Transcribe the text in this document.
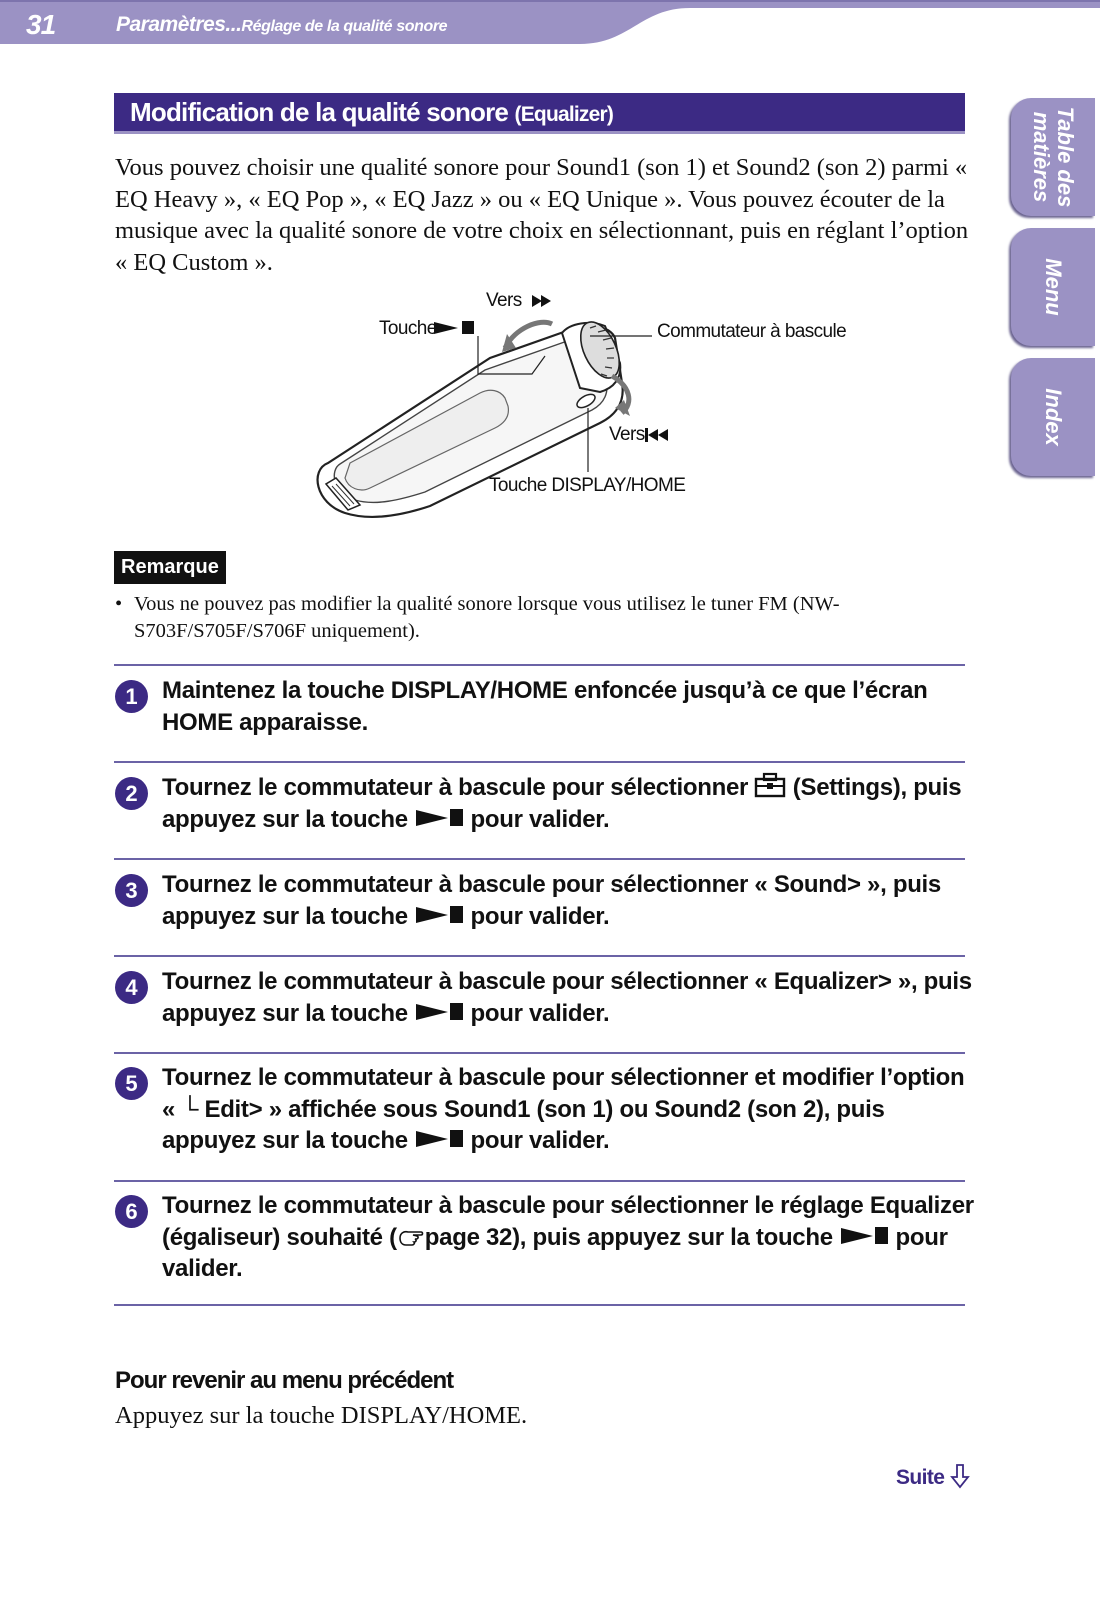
31	Paramètres...Réglage de la qualité sonore
Table des
matières
Menu
Index
Modification de la qualité sonore (Equalizer)
Vous pouvez choisir une qualité sonore pour Sound1 (son 1) et Sound2 (son 2) parmi « EQ Heavy », « EQ Pop », « EQ Jazz » ou « EQ Unique ». Vous pouvez écouter de la musique avec la qualité sonore de votre choix en sélectionnant, puis en réglant l’option « EQ Custom ».
Vers
Touche	Commutateur à bascule
Vers
Touche DISPLAY/HOME
Remarque
• Vous ne pouvez pas modifier la qualité sonore lorsque vous utilisez le tuner FM (NW-S703F/S705F/S706F uniquement).
1	Maintenez la touche DISPLAY/HOME enfoncée jusqu’à ce que l’écran HOME apparaisse.
2	Tournez le commutateur à bascule pour sélectionner (Settings), puis appuyez sur la touche	pour valider.
3	Tournez le commutateur à bascule pour sélectionner « Sound> », puis appuyez sur la touche	pour valider.
4	Tournez le commutateur à bascule pour sélectionner « Equalizer> », puis appuyez sur la touche	pour valider.
5	Tournez le commutateur à bascule pour sélectionner et modifier l’option « └ Edit> » affichée sous Sound1 (son 1) ou Sound2 (son 2), puis appuyez sur la touche	pour valider.
6	Tournez le commutateur à bascule pour sélectionner le réglage Equalizer (égaliseur) souhaité ( page 32), puis appuyez sur la touche	pour valider.
Pour revenir au menu précédent
Appuyez sur la touche DISPLAY/HOME.
Suite
